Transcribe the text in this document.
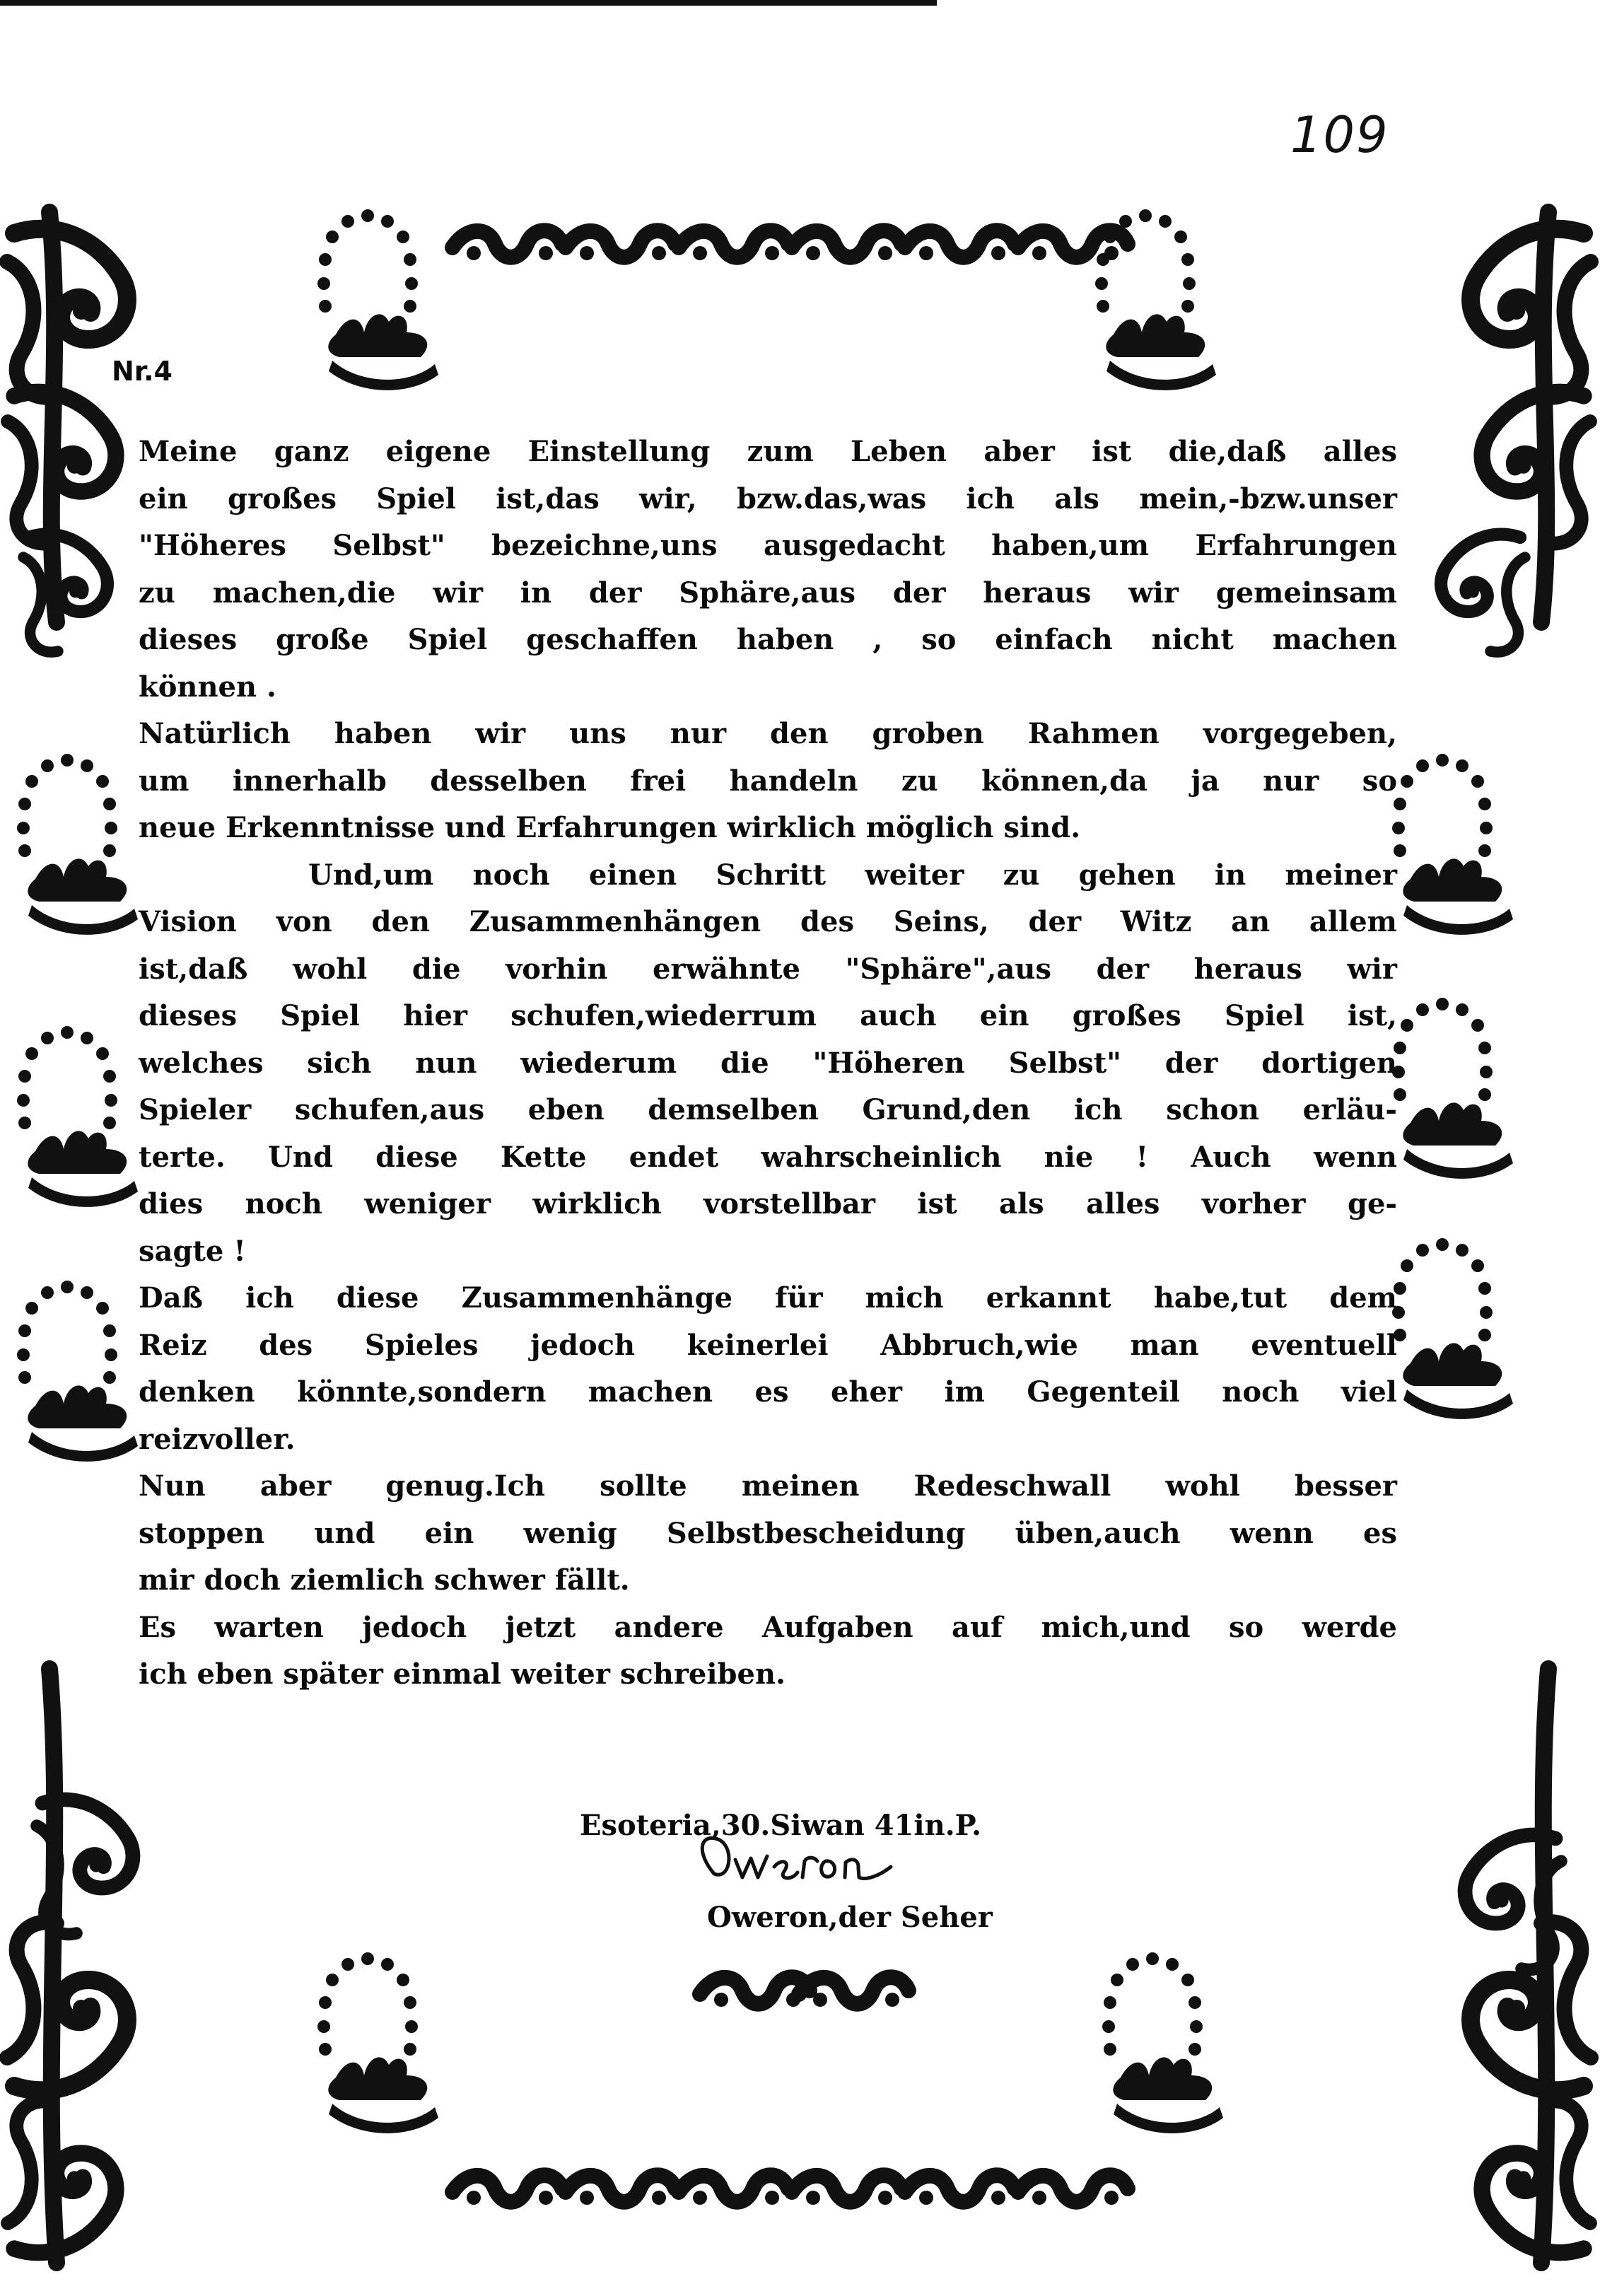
109
Nr.4
Meine ganz eigene Einstellung zum Leben aber ist die,daß alles
ein großes Spiel ist,das wir, bzw.das,was ich als mein,-bzw.unser
"Höheres Selbst" bezeichne,uns ausgedacht haben,um Erfahrungen
zu machen,die wir in der Sphäre,aus der heraus wir gemeinsam
dieses große Spiel geschaffen haben , so einfach nicht machen
können .
Natürlich haben wir uns nur den groben Rahmen vorgegeben,
um innerhalb desselben frei handeln zu können,da ja nur so
neue Erkenntnisse und Erfahrungen wirklich möglich sind.
Und,um noch einen Schritt weiter zu gehen in meiner
Vision von den Zusammenhängen des Seins, der Witz an allem
ist,daß wohl die vorhin erwähnte "Sphäre",aus der heraus wir
dieses Spiel hier schufen,wiederrum auch ein großes Spiel ist,
welches sich nun wiederum die "Höheren Selbst" der dortigen
Spieler schufen,aus eben demselben Grund,den ich schon erläu-
terte. Und diese Kette endet wahrscheinlich nie ! Auch wenn
dies noch weniger wirklich vorstellbar ist als alles vorher ge-
sagte !
Daß ich diese Zusammenhänge für mich erkannt habe,tut dem
Reiz des Spieles jedoch keinerlei Abbruch,wie man eventuell
denken könnte,sondern machen es eher im Gegenteil noch viel
reizvoller.
Nun aber genug.Ich sollte meinen Redeschwall wohl besser
stoppen und ein wenig Selbstbescheidung üben,auch wenn es
mir doch ziemlich schwer fällt.
Es warten jedoch jetzt andere Aufgaben auf mich,und so werde
ich eben später einmal weiter schreiben.
Esoteria,30.Siwan 41in.P.
Oweron,der Seher
